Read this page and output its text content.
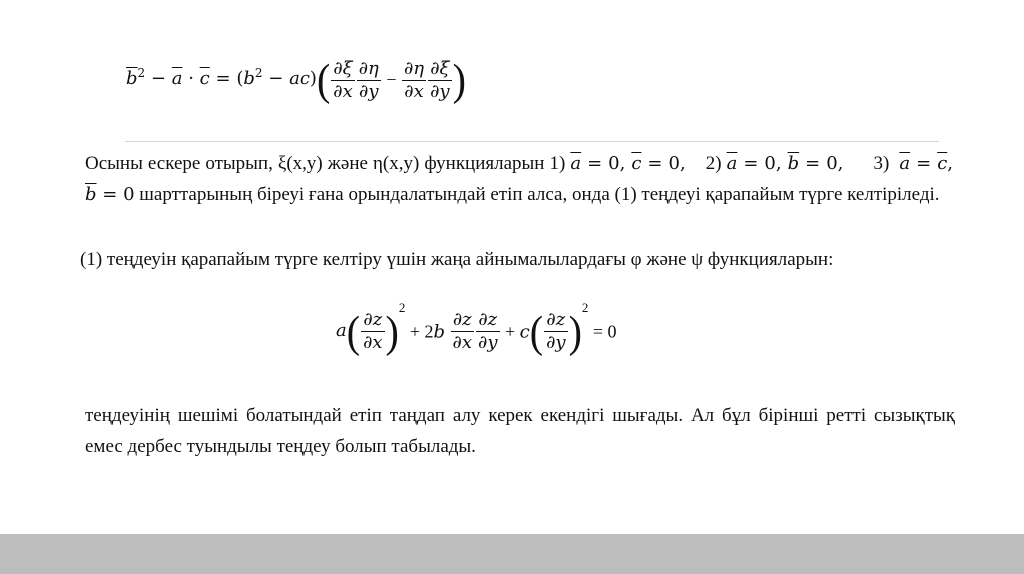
$\overline{b}^2 - \overline{a} \cdot \overline{c} = (b^2 - ac)( \frac{\partial\xi}{\partial x} \frac{\partial\eta}{\partial y} - \frac{\partial\eta}{\partial x} \frac{\partial\xi}{\partial y}$ )

Осыны ескере отырып, ξ(x,y) және η(x,y) функцияларын 1) $\overline{a} = 0$, $\overline{c} = 0$,    2) $\overline{a} = 0$, $\overline{b} = 0$,      3)  $\overline{a} = \overline{c}$, $\overline{b} = 0$ шарттарының біреуі ғана орындалатындай етіп алса, онда (1) теңдеуі қарапайым түрге келтіріледі.

(1) теңдеуін қарапайым түрге келтіру үшін жаңа айнымалылардағы φ және ψ функцияларын:

$a( \frac{\partial z}{\partial x} )^2 + 2b \frac{\partial z}{\partial x} \frac{\partial z}{\partial y} + c( \frac{\partial z}{\partial y} )^2 = 0$

теңдеуінің шешімі болатындай етіп таңдап алу керек екендігі шығады. Ал бұл бірінші ретті сызықтық емес дербес туындылы теңдеу болып табылады.
